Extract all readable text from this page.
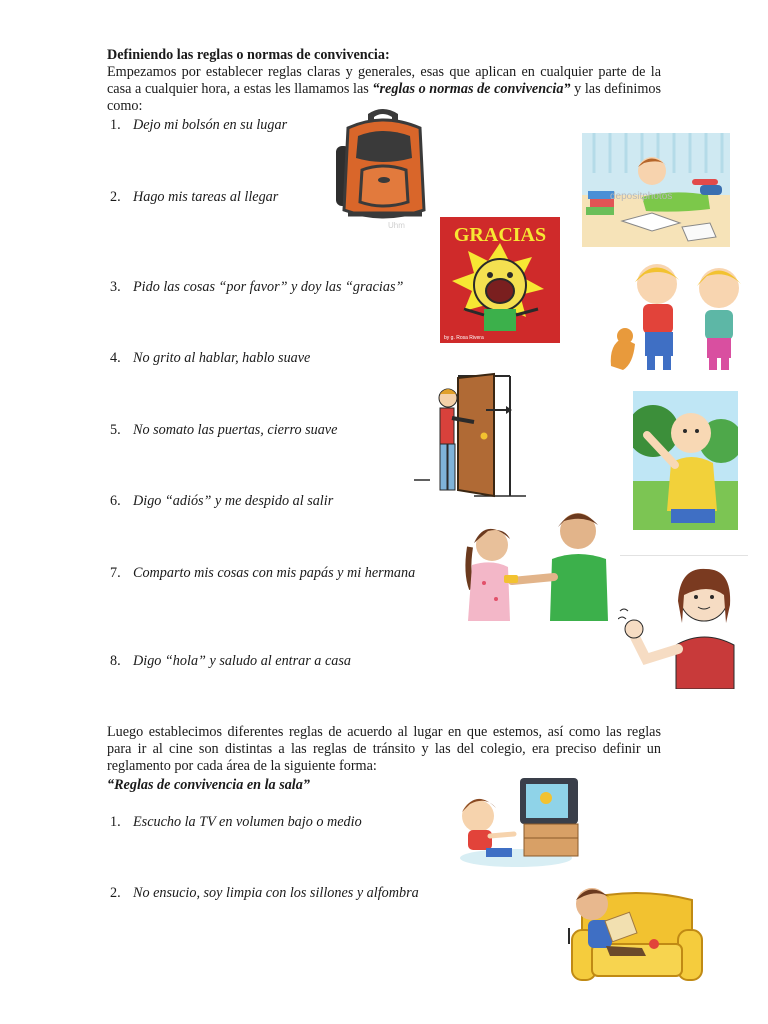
Definiendo las reglas o normas de convivencia:
Empezamos por establecer reglas claras y generales, esas que aplican en cualquier parte de la casa a cualquier hora, a estas les llamamos las “reglas o normas de convivencia” y las definimos como:
1. Dejo mi bolsón en su lugar
2. Hago mis tareas al llegar
3. Pido las cosas “por favor” y doy las “gracias”
4. No grito al hablar, hablo suave
5. No somato las puertas, cierro suave
6. Digo “adiós” y me despido al salir
7. Comparto mis cosas con mis papás y mi hermana
8. Digo “hola” y saludo al entrar a casa
Luego establecimos diferentes reglas de acuerdo al lugar en que estemos, así como las reglas para ir al cine son distintas a las reglas de tránsito y las del colegio, era preciso definir un reglamento por cada área de la siguiente forma:
“Reglas de convivencia en la sala”
1. Escucho la TV en volumen bajo o medio
2. No ensucio, soy limpia con los sillones y alfombra
Uhm
depositphotos
GRACIAS
by g. Rosa Rivera
